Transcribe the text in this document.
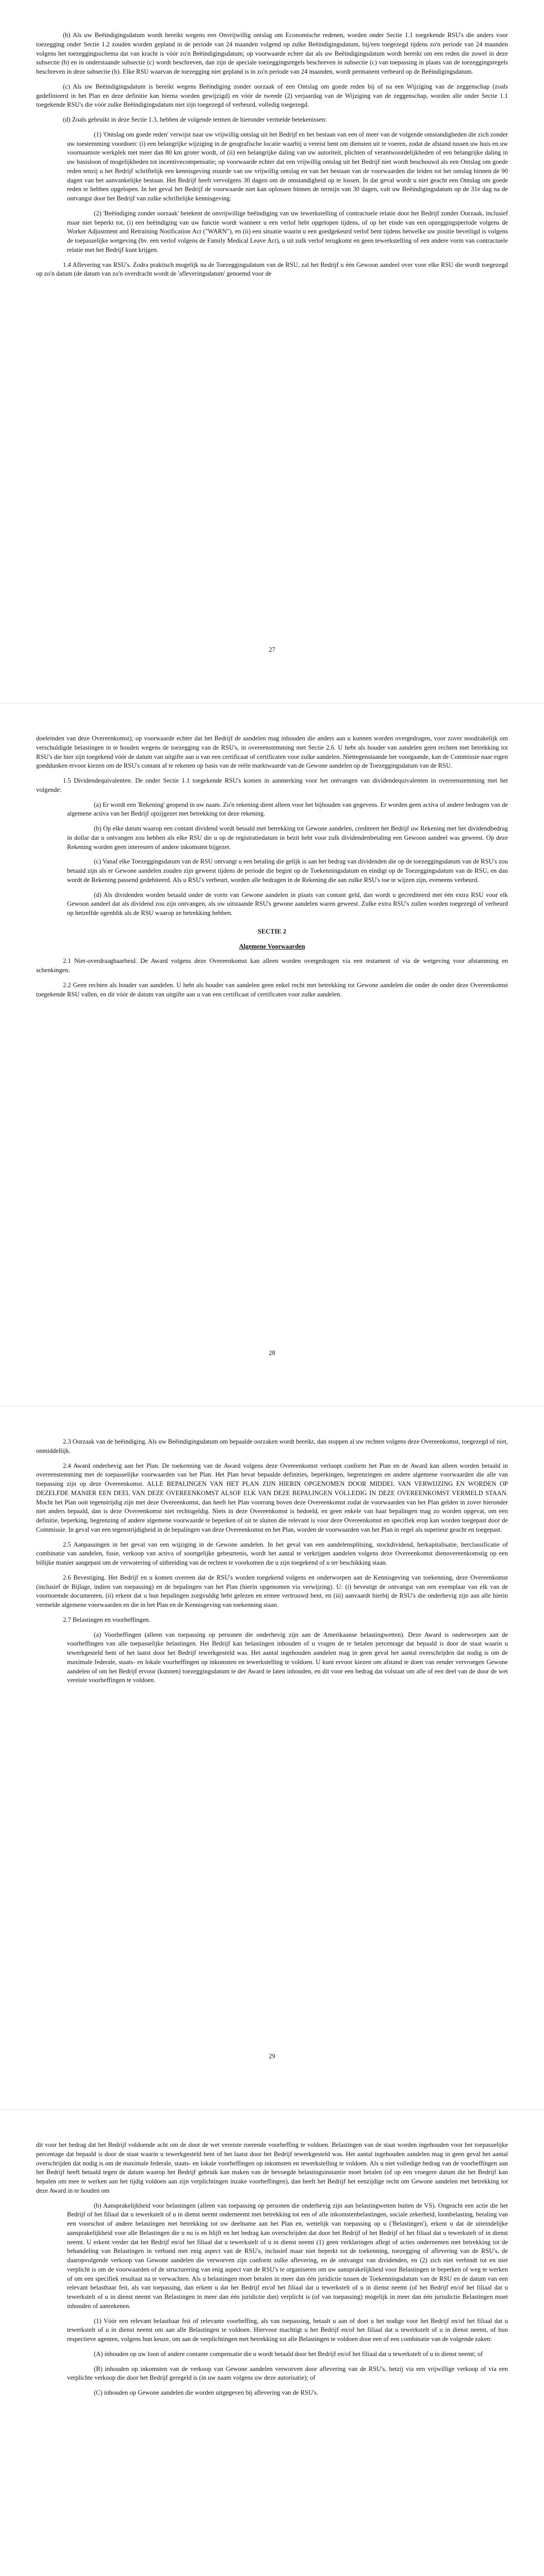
(b) Als uw Beëindigingsdatum wordt bereikt wegens een Onvrijwillig ontslag om Economische redenen, worden onder Sectie 1.1 toegekende RSU's die anders voor toezegging onder Sectie 1.2 zouden worden gepland in de periode van 24 maanden volgend op zulke Beëindigingsdatum, bij/een toegezegd tijdens zo'n periode van 24 maanden volgens het toezeggingsschema dat van kracht is vóór zo'n Beëindigingsdatum; op voorwaarde echter dat als uw Beëindigingsdatum wordt bereikt om een reden die zowel in deze subsectie (b) en in onderstaande subsectie (c) wordt beschreven, dan zijn de speciale toezeggingsregels beschreven in subsectie (c) van toepassing in plaats van de toezeggingsregels beschreven in deze subsectie (b). Elke RSU waarvan de toezegging niet gepland is in zo'n periode van 24 maanden, wordt permanent verbeurd op de Beëindigingsdatum.

(c) Als uw Beëindigingsdatum is bereikt wegens Beëindiging zonder oorzaak of een Ontslag om goede reden bij of na een Wijziging van de zeggenschap (zoals gedefinieerd in het Plan en deze definitie kan hierna worden gewijzigd) en vóór de tweede (2) verjaardag van de Wijziging van de zeggenschap, worden alle onder Sectie 1.1 toegekende RSU's die vóór zulke Beëindigingsdatum niet zijn toegezegd of verbeurd, volledig toegezegd.

(d) Zoals gebruikt in deze Sectie 1.3, hebben de volgende termen de hieronder vermelde betekenissen:

(1) 'Ontslag om goede reden' verwijst naar uw vrijwillig ontslag uit het Bedrijf en het bestaan van een of meer van de volgende omstandigheden die zich zonder uw toestemming voordoen: (i) een belangrijke wijziging in de geografische locatie waarbij u vereist bent om diensten uit te voeren, zodat de afstand tussen uw huis en uw voornaamste werkplek met meer dan 80 km groter wordt, of (ii) een belangrijke daling van uw autoriteit, plichten of verantwoordelijkheden of een belangrijke daling in uw basisloon of mogelijkheden tot incentivecompensatie; op voorwaarde echter dat een vrijwillig ontslag uit het Bedrijf niet wordt beschouwd als een Ontslag om goede reden tenzij u het Bedrijf schriftelijk een kennisgeving stuurde van uw vrijwillig ontslag en van het bestaan van de voorwaarden die leiden tot het ontslag binnen de 90 dagen van het aanvankelijke bestaan. Het Bedrijf heeft vervolgens 30 dagen om de omstandigheid op te lossen. In dat geval wordt u niet geacht een Ontslag om goede reden te hebben opgelopen. In het geval het Bedrijf de voorwaarde niet kan oplossen binnen de termijn van 30 dagen, valt uw Beëindigingsdatum op de 31e dag na de ontvangst door het Bedrijf van zulke schriftelijke kennisgeving.

(2) 'Beëindiging zonder oorzaak' betekent de onvrijwillige beëindiging van uw tewerkstelling of contractuele relatie door het Bedrijf zonder Oorzaak, inclusief maar niet beperkt tot, (i) een beëindiging van uw functie wordt wanneer u een verlof hebt opgelopen tijdens, of op het einde van een opzeggingsperiode volgens de Worker Adjustment and Retraining Notification Act ("WARN"), en (ii) een situatie waarin u een goedgekeurd verlof bent tijdens hetwelke uw positie beveiligd is volgens de toepasselijke wetgeving (bv. een verlof volgens de Family Medical Leave Act), u uit zulk verlof terugkomt en geen tewerkstelling of een andere vorm van contractuele relatie met het Bedrijf kunt krijgen.

1.4 Aflevering van RSU's. Zodra praktisch mogelijk na de Toezeggingsdatum van de RSU, zal het Bedrijf u één Gewoon aandeel over voor elke RSU die wordt toegezegd op zo'n datum (de datum van zo'n overdracht wordt de 'afleveringsdatum' genoemd voor de

27

doeleinden van deze Overeenkomst); op voorwaarde echter dat het Bedrijf de aandelen mag inhouden die anders aan u kunnen worden overgedragen, voor zover noodzakelijk om verschuldigde belastingen in te houden wegens de toezegging van de RSU's, in overeenstemming met Sectie 2.6. U hebt als houder van aandelen geen rechten met betrekking tot RSU's die hier zijn toegekend vóór de datum van uitgifte aan u van een certificaat of certificaten voor zulke aandelen. Niettegenstaande het voorgaande, kan de Commissie naar eigen goeddunken ervoor kiezen om de RSU's contant af te rekenen op basis van de reële marktwaarde van de Gewone aandelen op de Toezeggingsdatum van de RSU.

1.5 Dividendequivalenten. De onder Sectie 1.1 toegekende RSU's komen in aanmerking voor het ontvangen van dividendequivalenten in overeenstemming met het volgende:

(a) Er wordt een 'Rekening' geopend in uw naam. Zo'n rekening dient alleen voor het bijhouden van gegevens. Er worden geen activa of andere bedragen van de algemene activa van het Bedrijf opzijgezet met betrekking tot deze rekening.

(b) Op elke datum waarop een contant dividend wordt betaald met betrekking tot Gewone aandelen, crediteert het Bedrijf uw Rekening met het dividendbedrag in dollar dat u ontvangen zou hebben als elke RSU die u op de registratiedatum in bezit hebt voor zulk dividendenbetaling een Gewoon aandeel was geweest. Op deze Rekening worden geen interesten of andere inkomsten bijgezet.

(c) Vanaf elke Toezeggingsdatum van de RSU ontvangt u een betaling die gelijk is aan het bedrag van dividenden die op de toezeggingsdatum van de RSU's zou betaald zijn als er Gewone aandelen zouden zijn geweest tijdens de periode die begint op de Toekenningsdatum en eindigt op de Toezeggingsdatum van de RSU, en dan wordt de Rekening passend gedebiteerd. Als u RSU's verbeurt, worden alle bedragen in de Rekening die aan zulke RSU's toe te wijzen zijn, eveneens verbeurd.

(d) Als dividenden worden betaald onder de vorm van Gewone aandelen in plaats van contant geld, dan wordt u gecrediteerd met één extra RSU voor elk Gewoon aandeel dat als dividend zou zijn ontvangen, als uw uitstaande RSU's gewone aandelen waren geweest. Zulke extra RSU's zullen worden toegezegd of verbeurd op hetzelfde ogenblik als de RSU waarop ze betrekking hebben.

SECTIE 2

Algemene Voorwaarden

2.1 Niet-overdraagbaarheid. De Award volgens deze Overeenkomst kan alleen worden overgedragen via een testament of via de wetgeving voor afstamming en schenkingen.

2.2 Geen rechten als houder van aandelen. U hebt als houder van aandelen geen enkel recht met betrekking tot Gewone aandelen die onder de onder deze Overeenkomst toegekende RSU vallen, en dit vóór de datum van uitgifte aan u van een certificaat of certificaten voor zulke aandelen.

28

2.3 Oorzaak van de beëindiging. Als uw Beëindigingsdatum om bepaalde oorzaken wordt bereikt, dan stoppen al uw rechten volgens deze Overeenkomst, toegezegd of niet, onmiddellijk.

2.4 Award onderhevig aan het Plan. De toekenning van de Award volgens deze Overeenkomst verloopt conform het Plan en de Award kan alleen worden betaald in overeenstemming met de toepasselijke voorwaarden van het Plan. Het Plan bevat bepaalde definities, beperkingen, begrenzingen en andere algemene voorwaarden die alle van toepassing zijn op deze Overeenkomst. ALLE BEPALINGEN VAN HET PLAN ZIJN HIERIN OPGENOMEN DOOR MIDDEL VAN VERWIJZING EN WORDEN OP DEZELFDE MANIER EEN DEEL VAN DEZE OVEREENKOMST ALSOF ELK VAN DEZE BEPALINGEN VOLLEDIG IN DEZE OVEREENKOMST VERMELD STAAN. Mocht het Plan ooit tegenstrijdig zijn met deze Overeenkomst, dan heeft het Plan voorrang boven deze Overeenkomst zodat de voorwaarden van het Plan gelden in zover hieronder niet anders bepaald, dan is deze Overeenkomst niet rechtsgeldig. Niets in deze Overeenkomst is bedoeld, en geen enkele van haar bepalingen mag zo worden opgevat, om een definitie, beperking, begrenzing of andere algemene voorwaarde te beperken of uit te sluiten die relevant is voor deze Overeenkomst en specifiek erop kan worden toegepast door de Commissie. In geval van een tegenstrijdigheid in de bepalingen van deze Overeenkomst en het Plan, worden de voorwaarden van het Plan in regel als superieur geacht en toegepast.

2.5 Aanpassingen in het geval van een wijziging in de Gewone aandelen. In het geval van een aandelensplitsing, stockdividend, herkapitalisatie, herclassificatie of combinatie van aandelen, fusie, verkoop van activa of soortgelijke gebeurtenis, wordt het aantal te verkrijgen aandelen volgens deze Overeenkomst dienovereenkomstig op een billijke manier aangepast om de verwatering of uitbreiding van de rechten te voorkomen die u zijn toegekend of u ter beschikking staan.

2.6 Bevestiging. Het Bedrijf en u komen overeen dat de RSU's worden toegekend volgens en onderworpen aan de Kennisgeving van toekenning, deze Overeenkomst (inclusief de Bijlage, indien van toepassing) en de bepalingen van het Plan (hierin opgenomen via verwijzing). U: (i) bevestigt de ontvangst van een exemplaar van elk van de voornoemde documenten, (ii) erkent dat u hun bepalingen zorgvuldig hebt gelezen en ermee vertrouwd bent, en (iii) aanvaardt hierbij de RSU's die onderhevig zijn aan alle hierin vermelde algemene voorwaarden en die in het Plan en de Kennisgeving van toekenning staan.

2.7 Belastingen en voorheffingen.

(a) Voorheffingen (alleen van toepassing op personen die onderhevig zijn aan de Amerikaanse belastingwetten). Deze Award is onderworpen aan de voorheffingen van alle toepasselijke belastingen. Het Bedrijf kan belastingen inhouden of u vragen de te betalen percentage dat bepaald is door de staat waarin u tewerkgesteld bent of het laatst door het Bedrijf tewerkgesteld was. Het aantal ingehouden aandelen mag in geen geval het aantal overschrijden dat nodig is om de maximale federale, staats- en lokale voorheffingen op inkomsten en tewerkstelling te voldoen. U kunt ervoor kiezen om afstand te doen van eender vervroegen Gewone aandelen of om het Bedrijf ervoor (kunnen) toezeggingsdatum te der Award te laten inhouden, en dit voor een bedrag dat volstaat om alle of een deel van de door de wet vereiste voorheffingen te voldoen.

29

dit voor het bedrag dat het Bedrijf voldoende acht om de door de wet vereiste roerende voorheffing te voldoen. Belastingen van de staat worden ingehouden voor het toepasselijke percentage dat bepaald is door de staat waarin u tewerkgesteld bent of het laatst door het Bedrijf tewerkgesteld was. Het aantal ingehouden aandelen mag in geen geval het aantal overschrijden dat nodig is om de maximale federale, staats- en lokale voorheffingen op inkomsten en tewerkstelling te voldoen. Als u niet volledige bedrag van de voorheffingen aan het Bedrijf heeft betaald tegen de datum waarop het Bedrijf gebruik kan maken van de bevoegde belastingsinstantie moet betalen (of op een vroegere datum die het Bedrijf kan bepalen om mee te werken aan het tijdig voldoen aan zijn verplichtingen inzake voorheffingen), dan heeft het Bedrijf het eenzijdige recht om Gewone aandelen met betrekking tot deze Award in te houden om

(b) Aansprakelijkheid voor belastingen (alleen van toepassing op personen die onderhevig zijn aan belastingwetten buiten de VS). Ongeacht een actie die het Bedrijf of het filiaal dat u tewerkstelt of u in dienst neemt onderneemt met betrekking tot een of alle inkomstenbelastingen, sociale zekerheid, loonbelasting, betaling van een voorschot of andere belastingen met betrekking tot uw deelname aan het Plan en, wettelijk van toepassing op u ('Belastingen'), erkent u dat de uiteindelijke aansprakelijkheid voor alle Belastingen die u nu is en blijft en het bedrag kan overschrijden dat door het Bedrijf of het Bedrijf of het filiaal dat u tewerkstelt of in dienst neemt. U erkent verder dat het Bedrijf en/of het filiaal dat u tewerkstelt of u in dienst neemt (1) geen verklaringen aflegt of acties ondernemen met betrekking tot de behandeling van Belastingen in verband met enig aspect van de RSU's, inclusief maar niet beperkt tot de toekenning, toezegging of aflevering van de RSU's, de daaropvolgende verkoop van Gewone aandelen die verworven zijn conform zulke aflevering, en de ontvangst van dividenden, en (2) zich niet verbindt tot en niet verplicht is om de voorwaarden of de structurering van enig aspect van de RSU's te organiseren om uw aansprakelijkheid voor Belastingen te beperken of weg te werken of om een specifiek resultaat na te verwachten. Als u belastingen moet betalen in meer dan één juridictie tussen de Toekenningsdatum van de RSU en de datum van een relevant belastbaar feit, als van toepassing, dan erkent u dat het Bedrijf en/of het filiaal dat u tewerkstelt of u in dienst neemt (of het Bedrijf en/of het filiaal dat u tewerkstelt of u in dienst neemt van Belastingen in meer dan één juridictie dan) verplicht is (of van toepassing) mogelijk in meer dan één jurisdictie Belastingen moet inhouden of aanrekenen.

(1) Vóór een relevant belastbaar feit of relevante voorheffing, als van toepassing, betaalt u aan of doet u het nodige voor het Bedrijf en/of het filiaal dat u tewerkstelt of u in dienst neemt om aan alle Belastingen te voldoen. Hiervoor machtigt u het Bedrijf en/of het filiaal dat u tewerkstelt of u in dienst neemt, of hun respectieve agenten, volgens hun keuze, om aan de verplichtingen met betrekking tot alle Belastingen te voldoen door een of een combinatie van de volgende zaken:

(A) inhouden op uw loon of andere contante compensatie die u wordt betaald door het Bedrijf en/of het filiaal dat u tewerkstelt of u in dienst neemt; of

(B) inhouden op inkomsten van de verkoop van Gewone aandelen verworven door aflevering van de RSU's, hetzij via een vrijwillige verkoop of via een verplichte verkoop die door het Bedrijf geregeld is (in uw naam volgens uw deze autorisatie); of

(C) inhouden op Gewone aandelen die worden uitgegeven bij aflevering van de RSU's.
